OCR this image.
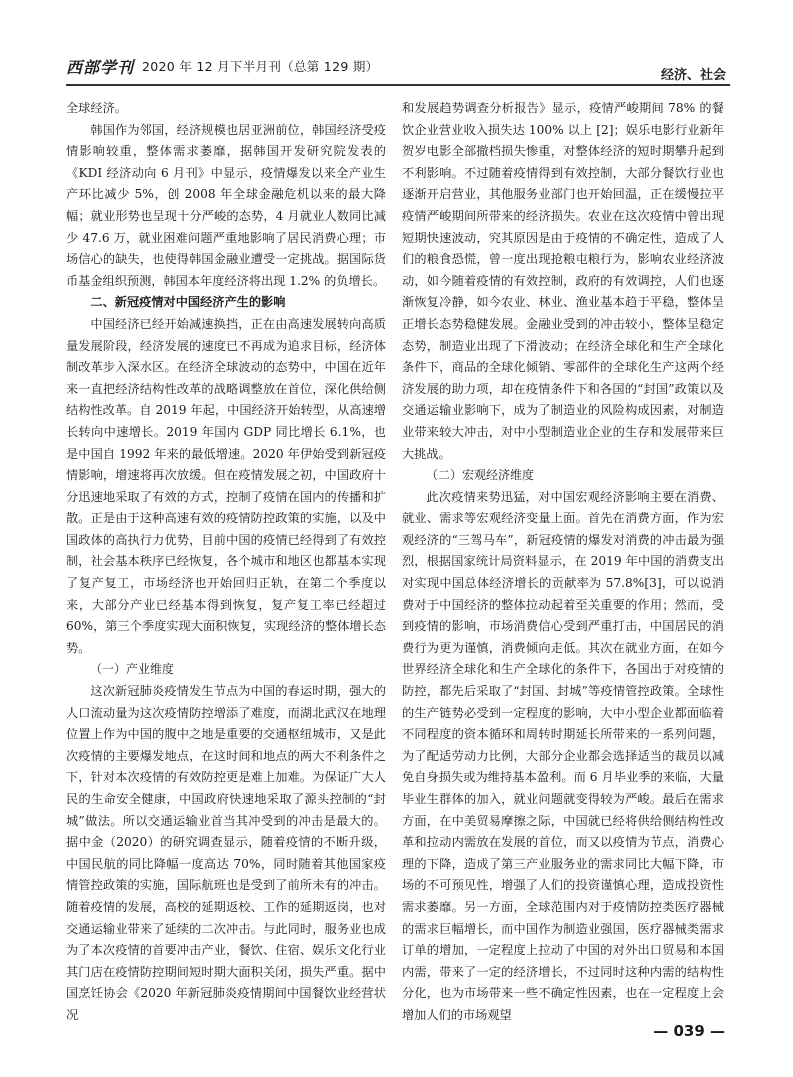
西部学刊 2020 年 12 月下半月刊（总第 129 期）
经济、社会

全球经济。

韩国作为邻国，经济规模也居亚洲前位，韩国经济受疫情影响较重，整体需求萎靡，据韩国开发研究院发表的《KDI 经济动向 6 月刊》中显示，疫情爆发以来全产业生产环比减少 5%，创 2008 年全球金融危机以来的最大降幅；就业形势也呈现十分严峻的态势，4 月就业人数同比减少 47.6 万，就业困难问题严重地影响了居民消费心理；市场信心的缺失，也使得韩国金融业遭受一定挑战。据国际货币基金组织预测，韩国本年度经济将出现 1.2% 的负增长。

二、新冠疫情对中国经济产生的影响

中国经济已经开始减速换挡，正在由高速发展转向高质量发展阶段，经济发展的速度已不再成为追求目标，经济体制改革步入深水区。在经济全球波动的态势中，中国在近年来一直把经济结构性改革的战略调整放在首位，深化供给侧结构性改革。自 2019 年起，中国经济开始转型，从高速增长转向中速增长。2019 年国内 GDP 同比增长 6.1%，也是中国自 1992 年来的最低增速。2020 年伊始受到新冠疫情影响，增速将再次放缓。但在疫情发展之初，中国政府十分迅速地采取了有效的方式，控制了疫情在国内的传播和扩散。正是由于这种高速有效的疫情防控政策的实施，以及中国政体的高执行力优势，目前中国的疫情已经得到了有效控制，社会基本秩序已经恢复，各个城市和地区也都基本实现了复产复工，市场经济也开始回归正轨，在第二个季度以来，大部分产业已经基本得到恢复，复产复工率已经超过 60%，第三个季度实现大面积恢复，实现经济的整体增长态势。

（一）产业维度

这次新冠肺炎疫情发生节点为中国的春运时期，强大的人口流动量为这次疫情防控增添了难度，而湖北武汉在地理位置上作为中国的腹中之地是重要的交通枢纽城市，又是此次疫情的主要爆发地点，在这时间和地点的两大不利条件之下，针对本次疫情的有效防控更是难上加难。为保证广大人民的生命安全健康，中国政府快速地采取了源头控制的“封城”做法。所以交通运输业首当其冲受到的冲击是最大的。据中金（2020）的研究调查显示，随着疫情的不断升级，中国民航的同比降幅一度高达 70%，同时随着其他国家疫情管控政策的实施，国际航班也是受到了前所未有的冲击。随着疫情的发展，高校的延期返校、工作的延期返岗，也对交通运输业带来了延续的二次冲击。与此同时，服务业也成为了本次疫情的首要冲击产业，餐饮、住宿、娱乐文化行业其门店在疫情防控期间短时期大面积关闭，损失严重。据中国烹饪协会《2020 年新冠肺炎疫情期间中国餐饮业经营状况

和发展趋势调查分析报告》显示，疫情严峻期间 78% 的餐饮企业营业收入损失达 100% 以上 [2]；娱乐电影行业新年贺岁电影全部撤档损失惨重，对整体经济的短时期攀升起到不利影响。不过随着疫情得到有效控制，大部分餐饮行业也逐渐开启营业，其他服务业部门也开始回温，正在缓慢拉平疫情严峻期间所带来的经济损失。农业在这次疫情中曾出现短期快速波动，究其原因是由于疫情的不确定性，造成了人们的粮食恐慌，曾一度出现抢粮屯粮行为，影响农业经济波动，如今随着疫情的有效控制，政府的有效调控，人们也逐渐恢复冷静，如今农业、林业、渔业基本趋于平稳，整体呈正增长态势稳健发展。金融业受到的冲击较小，整体呈稳定态势，制造业出现了下滑波动；在经济全球化和生产全球化条件下，商品的全球化倾销、零部件的全球化生产这两个经济发展的助力项，却在疫情条件下和各国的“封国”政策以及交通运输业影响下，成为了制造业的风险构成因素，对制造业带来较大冲击，对中小型制造业企业的生存和发展带来巨大挑战。

（二）宏观经济维度

此次疫情来势迅猛，对中国宏观经济影响主要在消费、就业、需求等宏观经济变量上面。首先在消费方面，作为宏观经济的“三驾马车”，新冠疫情的爆发对消费的冲击最为强烈，根据国家统计局资料显示，在 2019 年中国的消费支出对实现中国总体经济增长的贡献率为 57.8%[3]，可以说消费对于中国经济的整体拉动起着至关重要的作用；然而，受到疫情的影响，市场消费信心受到严重打击，中国居民的消费行为更为谨慎，消费倾向走低。其次在就业方面，在如今世界经济全球化和生产全球化的条件下，各国出于对疫情的防控，都先后采取了“封国、封城”等疫情管控政策。全球性的生产链势必受到一定程度的影响，大中小型企业都面临着不同程度的资本循环和周转时期延长所带来的一系列问题，为了配适劳动力比例，大部分企业都会选择适当的裁员以减免自身损失或为维持基本盈利。而 6 月毕业季的来临，大量毕业生群体的加入，就业问题就变得较为严峻。最后在需求方面，在中美贸易摩擦之际，中国就已经将供给侧结构性改革和拉动内需放在发展的首位，而又以疫情为节点，消费心理的下降，造成了第三产业服务业的需求同比大幅下降，市场的不可预见性，增强了人们的投资谨慎心理，造成投资性需求萎靡。另一方面，全球范围内对于疫情防控类医疗器械的需求巨幅增长，而中国作为制造业强国，医疗器械类需求订单的增加，一定程度上拉动了中国的对外出口贸易和本国内需，带来了一定的经济增长，不过同时这种内需的结构性分化，也为市场带来一些不确定性因素，也在一定程度上会增加人们的市场观望

— 039 —
